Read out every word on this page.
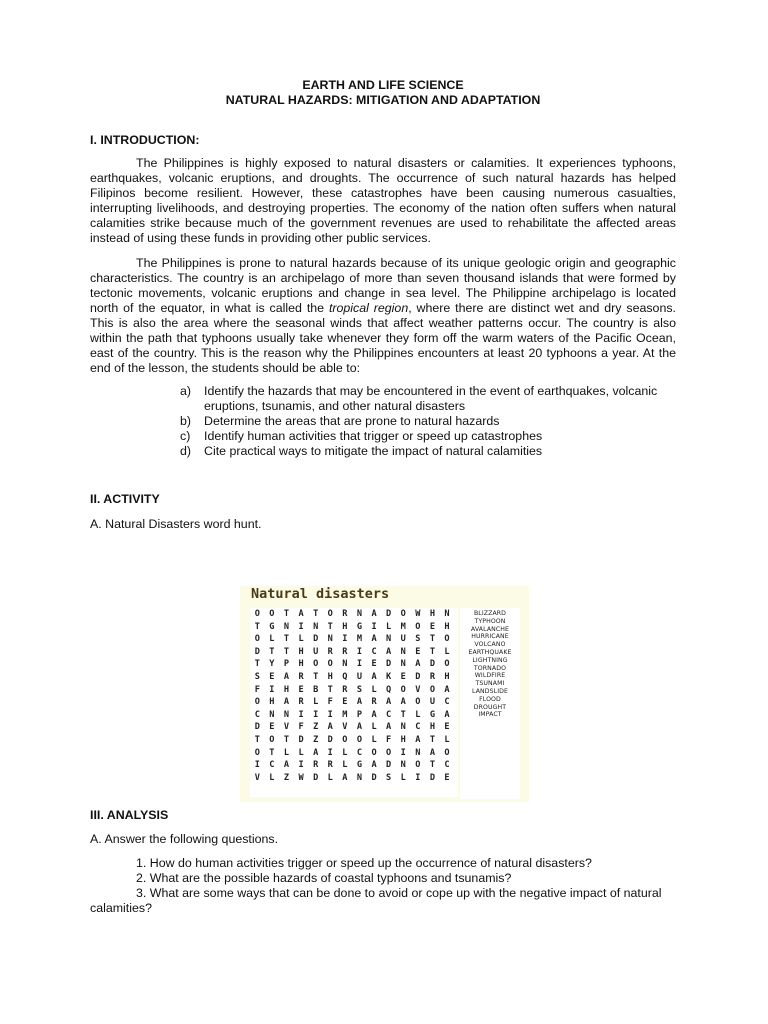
EARTH AND LIFE SCIENCE

NATURAL HAZARDS: MITIGATION AND ADAPTATION

I. INTRODUCTION:

The Philippines is highly exposed to natural disasters or calamities. It experiences typhoons, earthquakes, volcanic eruptions, and droughts. The occurrence of such natural hazards has helped Filipinos become resilient. However, these catastrophes have been causing numerous casualties, interrupting livelihoods, and destroying properties. The economy of the nation often suffers when natural calamities strike because much of the government revenues are used to rehabilitate the affected areas instead of using these funds in providing other public services.

The Philippines is prone to natural hazards because of its unique geologic origin and geographic characteristics. The country is an archipelago of more than seven thousand islands that were formed by tectonic movements, volcanic eruptions and change in sea level. The Philippine archipelago is located north of the equator, in what is called the tropical region, where there are distinct wet and dry seasons. This is also the area where the seasonal winds that affect weather patterns occur. The country is also within the path that typhoons usually take whenever they form off the warm waters of the Pacific Ocean, east of the country. This is the reason why the Philippines encounters at least 20 typhoons a year. At the end of the lesson, the students should be able to:

a) Identify the hazards that may be encountered in the event of earthquakes, volcanic eruptions, tsunamis, and other natural disasters
b) Determine the areas that are prone to natural hazards
c) Identify human activities that trigger or speed up catastrophes
d) Cite practical ways to mitigate the impact of natural calamities

II. ACTIVITY

A. Natural Disasters word hunt.

III. ANALYSIS

A. Answer the following questions.

1. How do human activities trigger or speed up the occurrence of natural disasters?

2. What are the possible hazards of coastal typhoons and tsunamis?

3. What are some ways that can be done to avoid or cope up with the negative impact of natural calamities?

Natural disasters
O	O	T	A	T	O	R	N	A	D	O	W	H	N
T	G	N	I	N	T	H	G	I	L	M	O	E	H
O	L	T	L	D	N	I	M	A	N	U	S	T	O
D	T	T	H	U	R	R	I	C	A	N	E	T	L
T	Y	P	H	O	O	N	I	E	D	N	A	D	O
S	E	A	R	T	H	Q	U	A	K	E	D	R	H
F	I	H	E	B	T	R	S	L	Q	O	V	O	A
O	H	A	R	L	F	E	A	R	A	A	O	U	C
C	N	N	I	I	I	M	P	A	C	T	L	G	A
D	E	V	F	Z	A	V	A	L	A	N	C	H	E
T	O	T	D	Z	D	O	O	L	F	H	A	T	L
O	T	L	L	A	I	L	C	O	O	I	N	A	O
I	C	A	I	R	R	L	G	A	D	N	O	T	C
V	L	Z	W	D	L	A	N	D	S	L	I	D	E
BLIZZARD
TYPHOON
AVALANCHE
HURRICANE
VOLCANO
EARTHQUAKE
LIGHTNING
TORNADO
WILDFIRE
TSUNAMI
LANDSLIDE
FLOOD
DROUGHT
IMPACT
